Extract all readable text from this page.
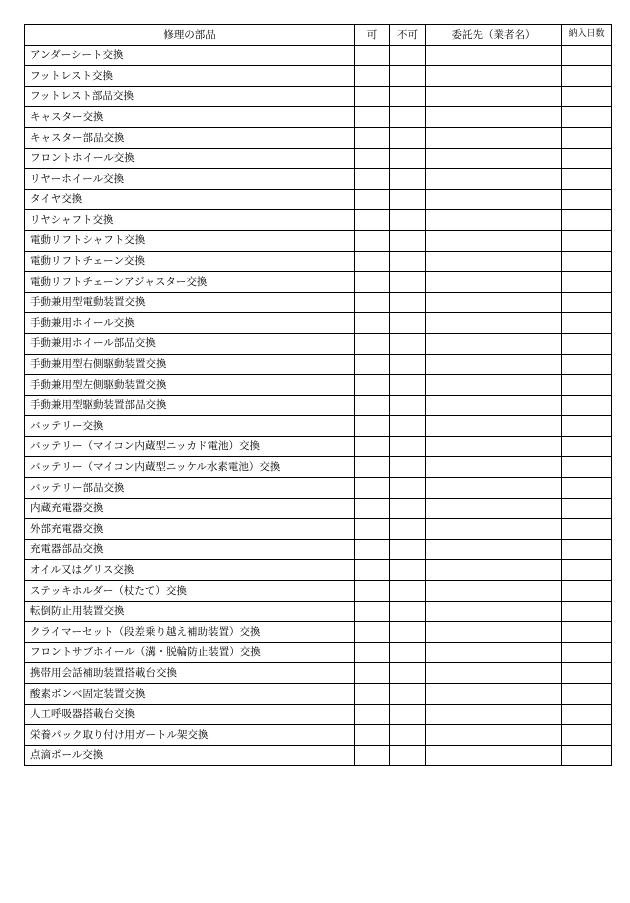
修理の部品	可	不可	委託先（業者名）	納入日数
アンダーシート交換				
フットレスト交換				
フットレスト部品交換				
キャスター交換				
キャスター部品交換				
フロントホイール交換				
リヤーホイール交換				
タイヤ交換				
リヤシャフト交換				
電動リフトシャフト交換				
電動リフトチェーン交換				
電動リフトチェーンアジャスター交換				
手動兼用型電動装置交換				
手動兼用ホイール交換				
手動兼用ホイール部品交換				
手動兼用型右側駆動装置交換				
手動兼用型左側駆動装置交換				
手動兼用型駆動装置部品交換				
バッテリー交換				
バッテリー（マイコン内蔵型ニッカド電池）交換				
バッテリー（マイコン内蔵型ニッケル水素電池）交換				
バッテリー部品交換				
内蔵充電器交換				
外部充電器交換				
充電器部品交換				
オイル又はグリス交換				
ステッキホルダー（杖たて）交換				
転倒防止用装置交換				
クライマーセット（段差乗り越え補助装置）交換				
フロントサブホイール（溝・脱輪防止装置）交換				
携帯用会話補助装置搭載台交換				
酸素ボンベ固定装置交換				
人工呼吸器搭載台交換				
栄養パック取り付け用ガートル架交換				
点滴ポール交換				
